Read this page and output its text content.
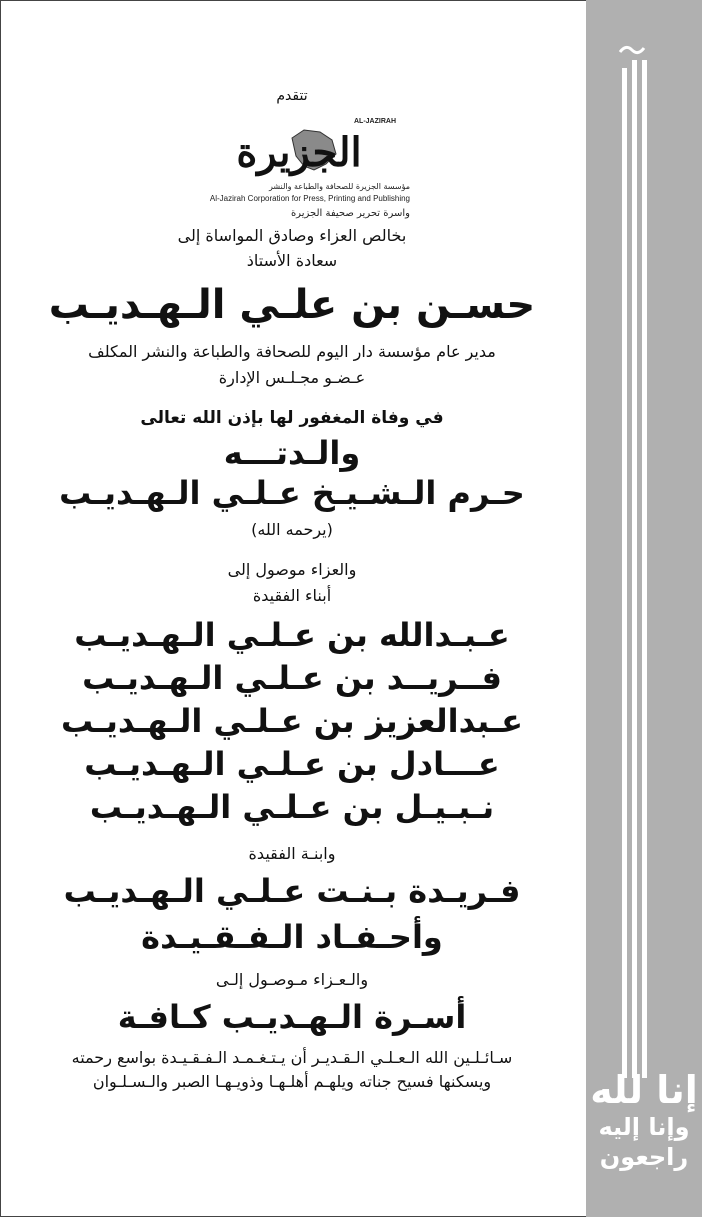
تتقدم
AL-JAZIRAH
الجزيرة
مؤسسة الجزيرة للصحافة والطباعة والنشر
Al-Jazirah Corporation for Press, Printing and Publishing
واسرة تحرير صحيفة الجزيرة
بخالص العزاء وصادق المواساة إلى
سعادة الأستاذ
حسـن بن علـي الـهـديـب
مدير عام مؤسسة دار اليوم للصحافة والطباعة والنشر المكلف
عـضـو مجـلـس الإدارة
في وفاة المغفور لها بإذن الله تعالى
والـدتـــه
حـرم الـشـيـخ عـلـي الـهـديـب
(يرحمه الله)
والعزاء موصول إلى
أبناء الفقيدة
عـبـدالله بن عـلـي الـهـديـب
فــريــد بن عـلـي الـهـديـب
عـبدالعزيز بن عـلـي الـهـديـب
عـــادل بن عـلـي الـهـديـب
نـبـيـل بن عـلـي الـهـديـب
وابنـة الفقيدة
فـريـدة بـنـت عـلـي الـهـديـب
وأحـفـاد الـفـقـيـدة
والـعـزاء مـوصـول إلـى
أسـرة الـهـديـب كـافـة
سـائـلـين الله الـعـلـي الـقـديـر أن يـتـغـمـد الـفـقـيـدة بواسع رحمته
ويسكنها فسيح جناته ويلهـم أهلـهـا وذويـهـا الصبر والـسـلـوان	إنا لله
وإنا إليه
راجعون
